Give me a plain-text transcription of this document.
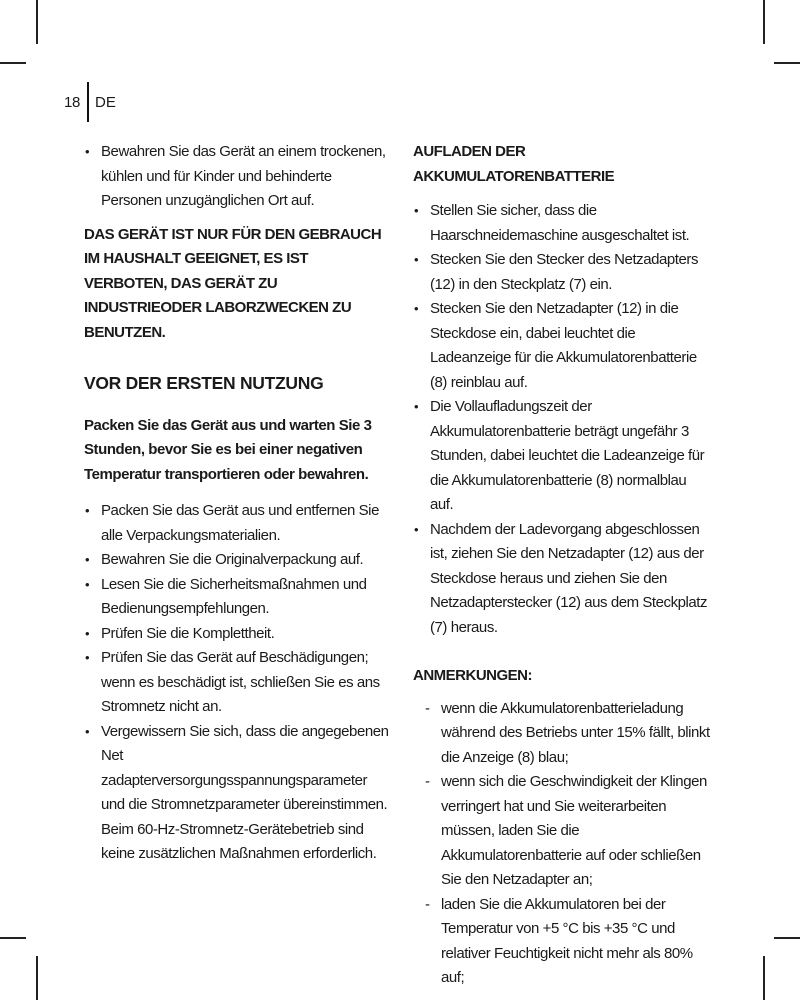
18 DE
• Bewahren Sie das Gerät an einem trockenen, kühlen und für Kinder und behinderte Personen unzugänglichen Ort auf.
DAS GERÄT IST NUR FÜR DEN GEBRAUCH IM HAUSHALT GEEIGNET, ES IST VERBOTEN, DAS GERÄT ZU INDUSTRIEODER LABORZWECKEN ZU BENUTZEN.
VOR DER ERSTEN NUTZUNG
Packen Sie das Gerät aus und warten Sie 3 Stunden, bevor Sie es bei einer negativen Temperatur transportieren oder bewahren.
• Packen Sie das Gerät aus und entfernen Sie alle Verpackungsmaterialien.
• Bewahren Sie die Originalverpackung auf.
• Lesen Sie die Sicherheitsmaßnahmen und Bedienungsempfehlungen.
• Prüfen Sie die Komplettheit.
• Prüfen Sie das Gerät auf Beschädigungen; wenn es beschädigt ist, schließen Sie es ans Stromnetz nicht an.
• Vergewissern Sie sich, dass die angegebenen Net zadapterversorgungsspannungsparameter und die Stromnetzparameter übereinstimmen. Beim 60-Hz-Stromnetz-Gerätebetrieb sind keine zusätzlichen Maßnahmen erforderlich.
AUFLADEN DER AKKUMULATORENBATTERIE
• Stellen Sie sicher, dass die Haarschneidemaschine ausgeschaltet ist.
• Stecken Sie den Stecker des Netzadapters (12) in den Steckplatz (7) ein.
• Stecken Sie den Netzadapter (12) in die Steckdose ein, dabei leuchtet die Ladeanzeige für die Akkumulatorenbatterie (8) reinblau auf.
• Die Vollaufladungszeit der Akkumulatorenbatterie beträgt ungefähr 3 Stunden, dabei leuchtet die Ladeanzeige für die Akkumulatorenbatterie (8) normalblau auf.
• Nachdem der Ladevorgang abgeschlossen ist, ziehen Sie den Netzadapter (12) aus der Steckdose heraus und ziehen Sie den Netzadapterstecker (12) aus dem Steckplatz (7) heraus.
ANMERKUNGEN:
- wenn die Akkumulatorenbatterieladung während des Betriebs unter 15% fällt, blinkt die Anzeige (8) blau;
- wenn sich die Geschwindigkeit der Klingen verringert hat und Sie weiterarbeiten müssen, laden Sie die Akkumulatorenbatterie auf oder schließen Sie den Netzadapter an;
- laden Sie die Akkumulatoren bei der Temperatur von +5 °C bis +35 °C und relativer Feuchtigkeit nicht mehr als 80% auf;
